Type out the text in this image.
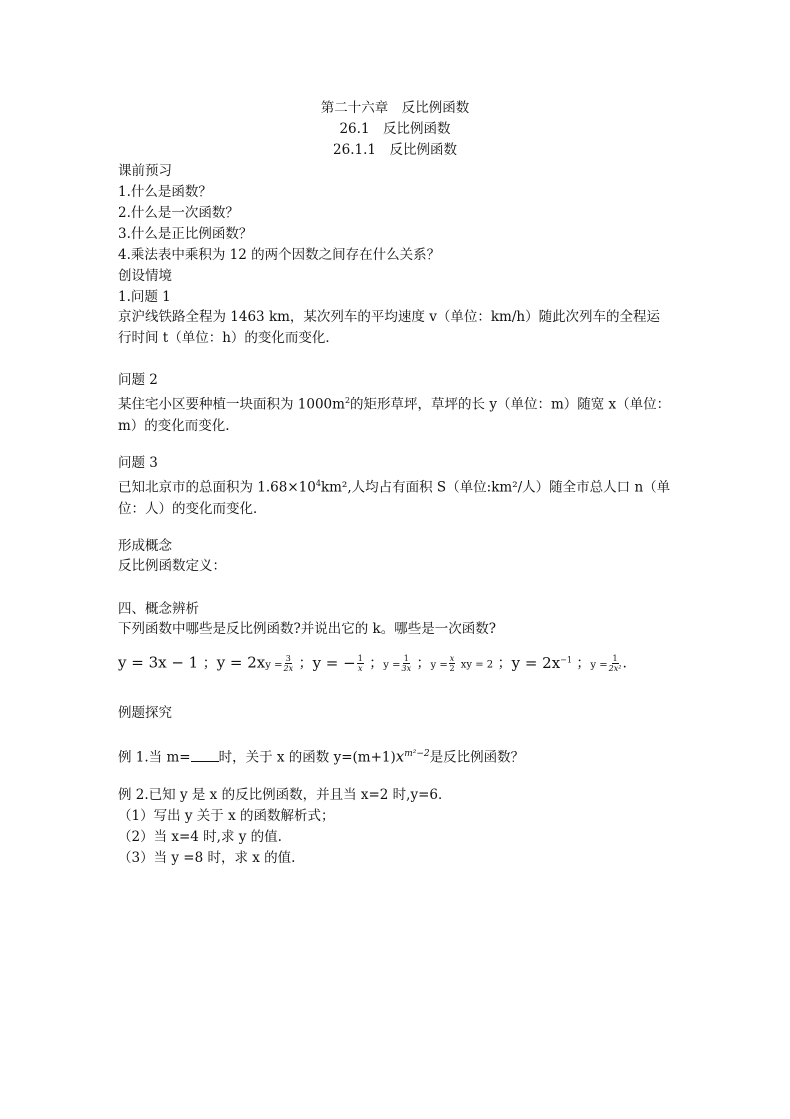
第二十六章　反比例函数
26.1　反比例函数
26.1.1　反比例函数
课前预习
1.什么是函数？
2.什么是一次函数？
3.什么是正比例函数？
4.乘法表中乘积为 12 的两个因数之间存在什么关系？
创设情境
1.问题 1
京沪线铁路全程为 1463 km，某次列车的平均速度 v（单位：km/h）随此次列车的全程运行时间 t（单位：h）的变化而变化．
问题 2
某住宅小区要种植一块面积为 $1000m^2$的矩形草坪，草坪的长 y（单位：m）随宽 x（单位：m）的变化而变化.
问题 3
已知北京市的总面积为 $1.68\times 10^4km^2$,人均占有面积 S（单位:km²/人）随全市总人口 n（单位：人）的变化而变化．
形成概念
反比例函数定义：
四、概念辨析
下列函数中哪些是反比例函数?并说出它的 k。哪些是一次函数?
y = 3x − 1 ；$y = 2xy = \frac{3}{2x}$ ；y = − $\frac{1}{x}$ ；$y = \frac{1}{3x}$ ；$y = \frac{x}{2}$ xy = 2 ；$y = 2x^{-1}$ ；$y = \frac{1}{\text{2x²}}$ .
例题探究
例 1.当 m= 时，关于 x 的函数 $y=(m+1)x^{m^2-2}$是反比例函数？
例 2.已知 y 是 x 的反比例函数，并且当 x=2 时,y=6．
（1）写出 y 关于 x 的函数解析式；
（2）当 x=4 时,求 y 的值.
（3）当 y =8 时，求 x 的值.
